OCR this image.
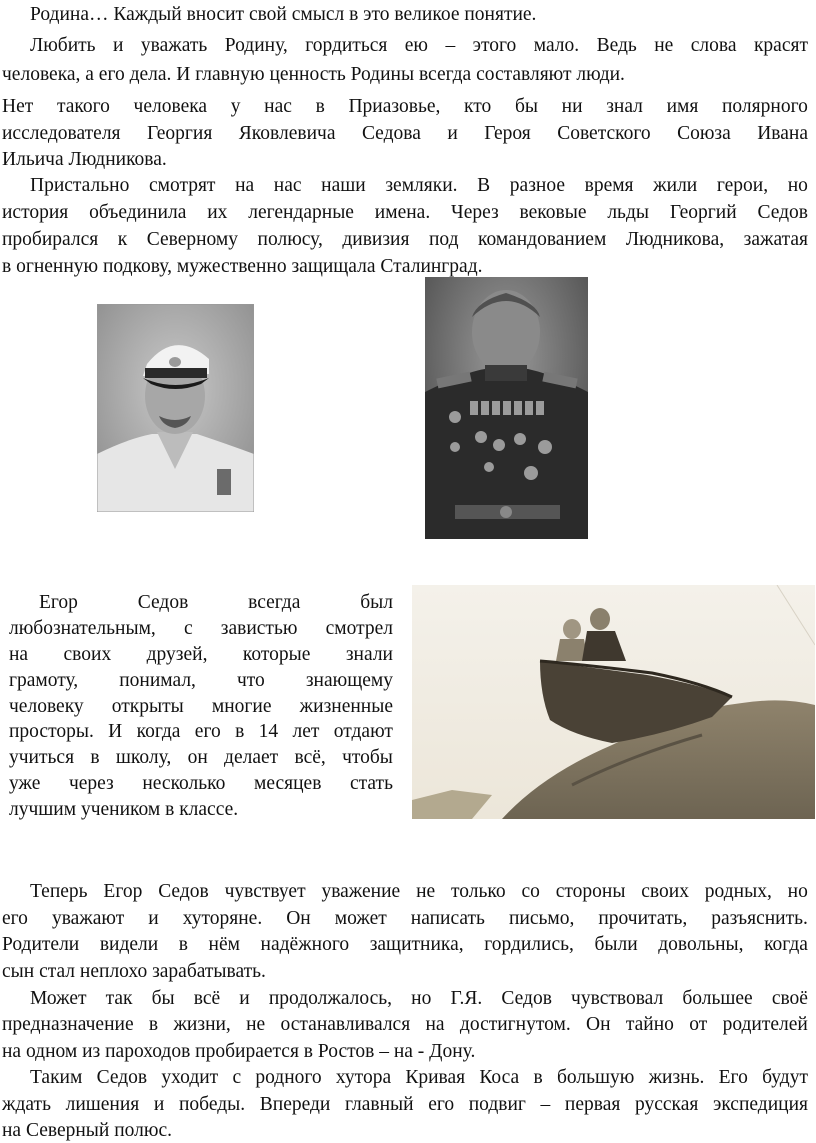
Родина… Каждый вносит свой смысл в это великое понятие.
Любить и уважать Родину, гордиться ею – этого мало. Ведь не слова красят
человека, а его дела. И главную ценность Родины всегда составляют люди.
Нет такого человека у нас в Приазовье, кто бы ни знал имя полярного
исследователя Георгия Яковлевича Седова и Героя Советского Союза Ивана
Ильича Людникова.
Пристально смотрят на нас наши земляки. В разное время жили герои, но
история объединила их легендарные имена. Через вековые льды Георгий Седов
пробирался к Северному полюсу, дивизия под командованием Людникова, зажатая
в огненную подкову, мужественно защищала Сталинград.
Егор	Седов	всегда	был
любознательным, с завистью смотрел
на своих друзей, которые знали
грамоту, понимал, что знающему
человеку открыты многие жизненные
просторы. И когда его в 14 лет отдают
учиться в школу, он делает всё, чтобы
уже через несколько месяцев стать
лучшим учеником в классе.
Теперь Егор Седов чувствует уважение не только со стороны своих родных, но
его уважают и хуторяне. Он может написать письмо, прочитать, разъяснить.
Родители видели в нём надёжного защитника, гордились, были довольны, когда
сын стал неплохо зарабатывать.
Может так бы всё и продолжалось, но Г.Я. Седов чувствовал большее своё
предназначение в жизни, не останавливался на достигнутом. Он тайно от родителей
на одном из пароходов пробирается в Ростов – на - Дону.
Таким Седов уходит с родного хутора Кривая Коса в большую жизнь. Его будут
ждать лишения и победы. Впереди главный его подвиг – первая русская экспедиция
на Северный полюс.
